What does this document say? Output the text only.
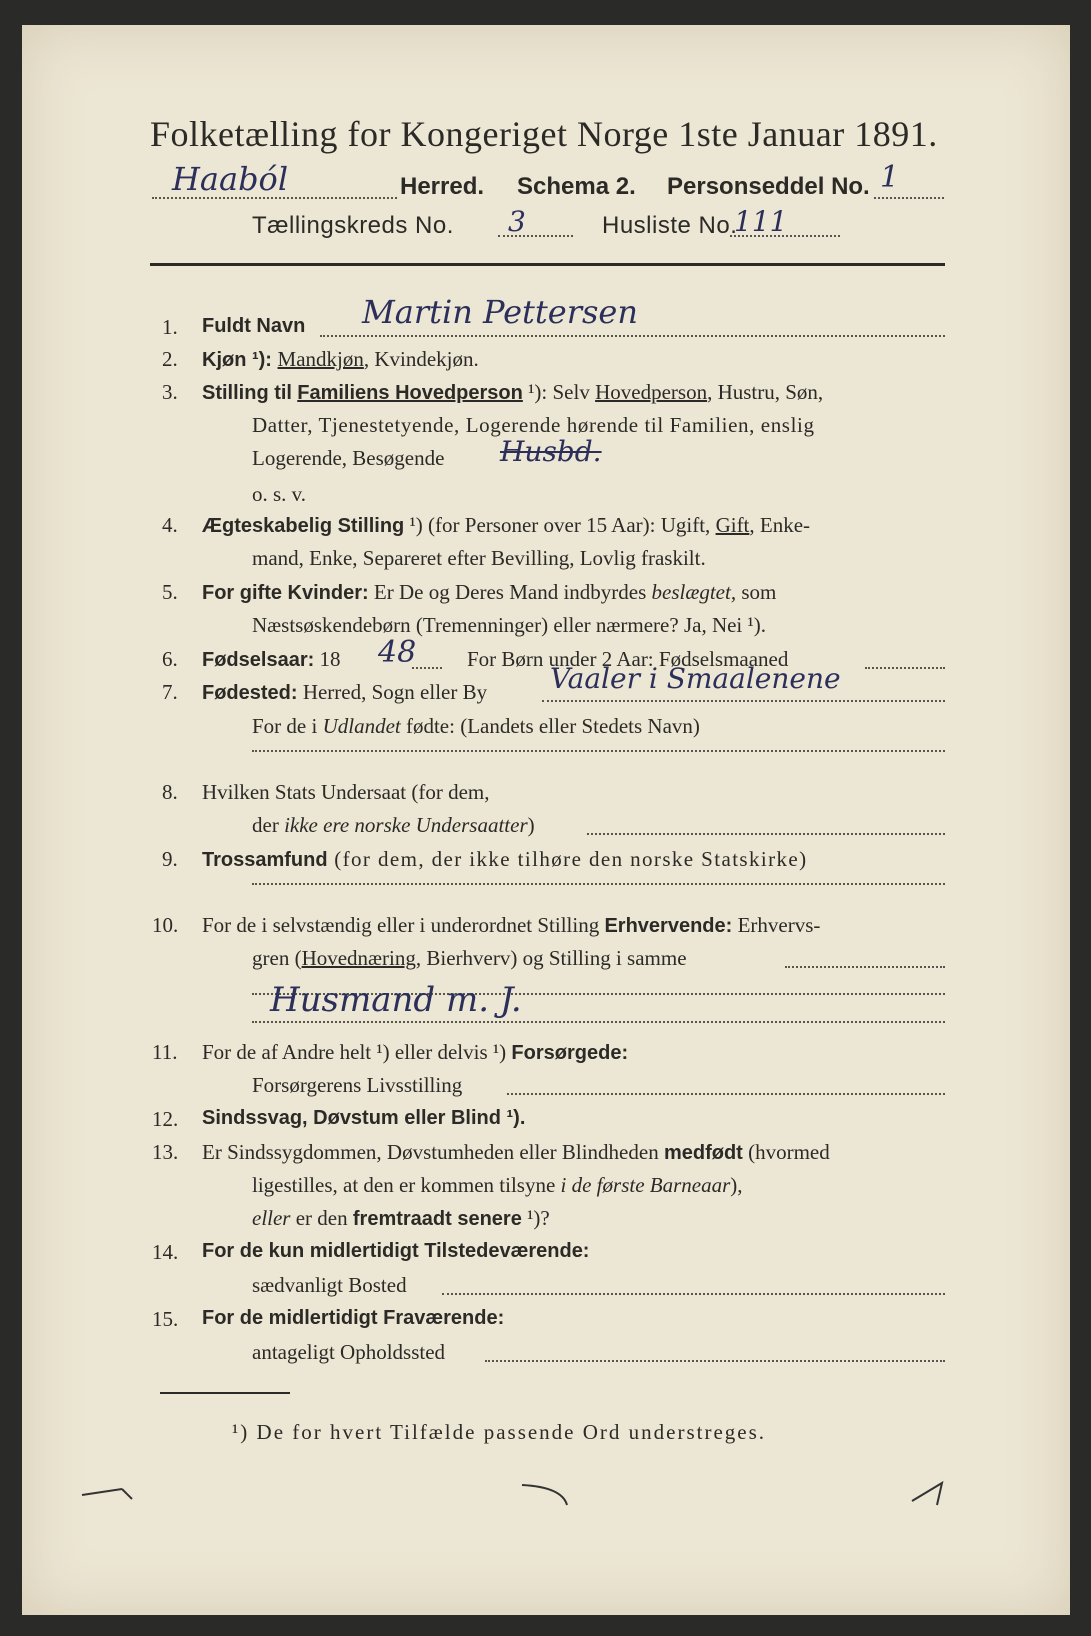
Folketælling for Kongeriget Norge 1ste Januar 1891.
Haaból	Herred. Schema 2. Personseddel No. 1
Tællingskreds No. 3	Husliste No.
111
1. Fuldt Navn Martin Pettersen
2. Kjøn ¹): Mandkjøn, Kvindekjøn.
3. Stilling til Familiens Hovedperson ¹): Selv Hovedperson, Hustru, Søn,
Datter, Tjenestetyende, Logerende hørende til Familien, enslig
Logerende, Besøgende Husbd.
o. s. v.
4. Ægteskabelig Stilling ¹) (for Personer over 15 Aar): Ugift, Gift, Enke-
mand, Enke, Separeret efter Bevilling, Lovlig fraskilt.
5. For gifte Kvinder: Er De og Deres Mand indbyrdes beslægtet, som
Næstsøskendebørn (Tremenninger) eller nærmere? Ja, Nei ¹).
6. Fødselsaar: 18 48 For Børn under 2 Aar: Fødselsmaaned
7. Fødested: Herred, Sogn eller By Vaaler i Smaalenene
For de i Udlandet fødte: (Landets eller Stedets Navn)
8. Hvilken Stats Undersaat (for dem,
der ikke ere norske Undersaatter)
9. Trossamfund (for dem, der ikke tilhøre den norske Statskirke)
10. For de i selvstændig eller i underordnet Stilling Erhvervende: Erhvervs-
gren (Hovednæring, Bierhverv) og Stilling i samme
Husmand m. J.
11. For de af Andre helt ¹) eller delvis ¹) Forsørgede:
Forsørgerens Livsstilling
12. Sindssvag, Døvstum eller Blind ¹).
13. Er Sindssygdommen, Døvstumheden eller Blindheden medfødt (hvormed
ligestilles, at den er kommen tilsyne i de første Barneaar),
eller er den fremtraadt senere ¹)?
14. For de kun midlertidigt Tilstedeværende:
sædvanligt Bosted
15. For de midlertidigt Fraværende:
antageligt Opholdssted
¹) De for hvert Tilfælde passende Ord understreges.
